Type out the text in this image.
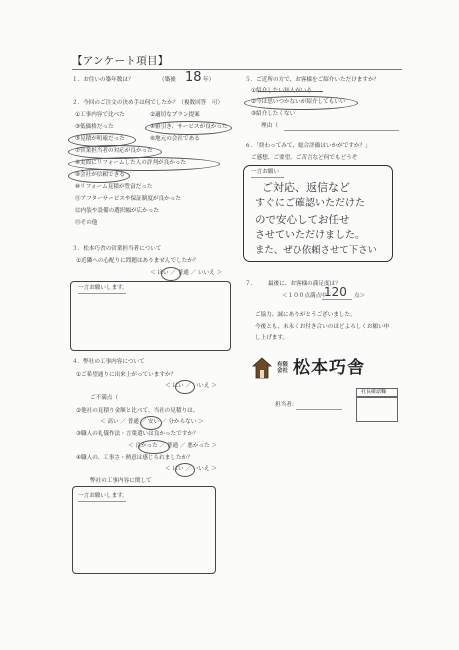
【アンケート項目】
１．お住いの築年数は？	（築後 18 年）
２．今回のご注文の決め手は何でしたか？（複数回答　可）
①工事内容で比べた	②適切なプラン提案
③低価格だった	④値引き、サービスが良かった
⑤見積が明確だった	⑥地元の会社である
⑦営業担当者の対応が良かった
⑧実際にリフォームした人の評判が良かった
⑨会社が信頼できる
⑩リフォーム見積が豊富だった
⑪アフターサービスや保証制度が良かった
⑫内装や設備の選択幅が広かった
⑬その他
３．松本巧舎の営業担当者について
①近隣への心配りに問題はありませんでしたか？
＜ はい ／ 普通 ／ いいえ ＞
一言お願いします。
４．弊社の工事内容について
①ご希望通りに出来上がっていますか？
＜ はい ／ いいえ ＞
ご不満点（
②他社の見積り金額と比べて、当社の見積りは、
＜ 高い ／ 普通 ／ 安い ／ 分からない ＞
③職人の礼儀作法・言葉遣いは良かったですか？
＜ 良かった ／ 普通 ／ 悪かった ＞
④職人の、工事さ・熱意は感じられましたか？
＜ はい ／ いいえ ＞
弊社の工事内容に関して
一言お願いします。
５．ご近所の方で、お客様をご紹介いただけますか？
①紹介したい知人がいる
②今は思いつかないが紹介してもいい
③紹介したくない
理由（
６．「終わってみて、総合評価はいかがですか？」
ご感想、ご要望、ご苦言など何でもどうぞ
一言お願い
ご対応、返信など
すぐにご確認いただけた
ので安心してお任せ
させていただけました。
また、ぜひ依頼させて下さい
７． 最後に、お客様の満足度は？
＜１００点満点中
120 点＞
ご協力、誠にありがとうございました。
今後とも、末永くお付き合いのほどよろしくお願い申
し上げます。
有限
会社 松本巧舎
担当者：
社長確認欄
